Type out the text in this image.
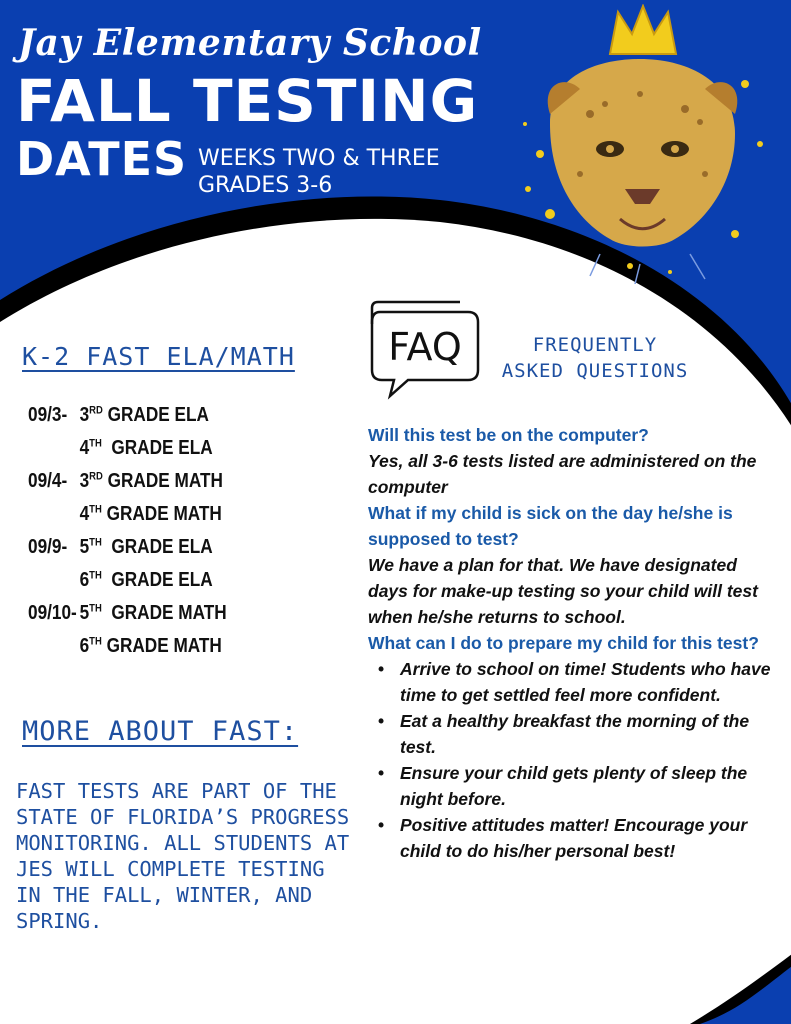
Jay Elementary School
FALL TESTING
DATES WEEKS TWO & THREE
GRADES 3-6
K-2 FAST ELA/MATH
09/3- 3RD GRADE ELA
4TH  GRADE ELA
09/4- 3RD GRADE MATH
4TH GRADE MATH
09/9- 5TH  GRADE ELA
6TH  GRADE ELA
09/10- 5TH  GRADE MATH
6TH GRADE MATH
MORE ABOUT FAST:
FAST TESTS ARE PART OF THE STATE OF FLORIDA’S PROGRESS MONITORING. ALL STUDENTS AT JES WILL COMPLETE TESTING IN THE FALL, WINTER, AND SPRING.
FAQ	FREQUENTLY
ASKED QUESTIONS
Will this test be on the computer?
Yes, all 3-6 tests listed are administered on the computer
What if my child is sick on the day he/she is supposed to test?
We have a plan for that. We have designated days for make-up testing so your child will test when he/she returns to school.
What can I do to prepare my child for this test?
• Arrive to school on time! Students who have time to get settled feel more confident.
• Eat a healthy breakfast the morning of the test.
• Ensure your child gets plenty of sleep the night before.
• Positive attitudes matter! Encourage your child to do his/her personal best!
